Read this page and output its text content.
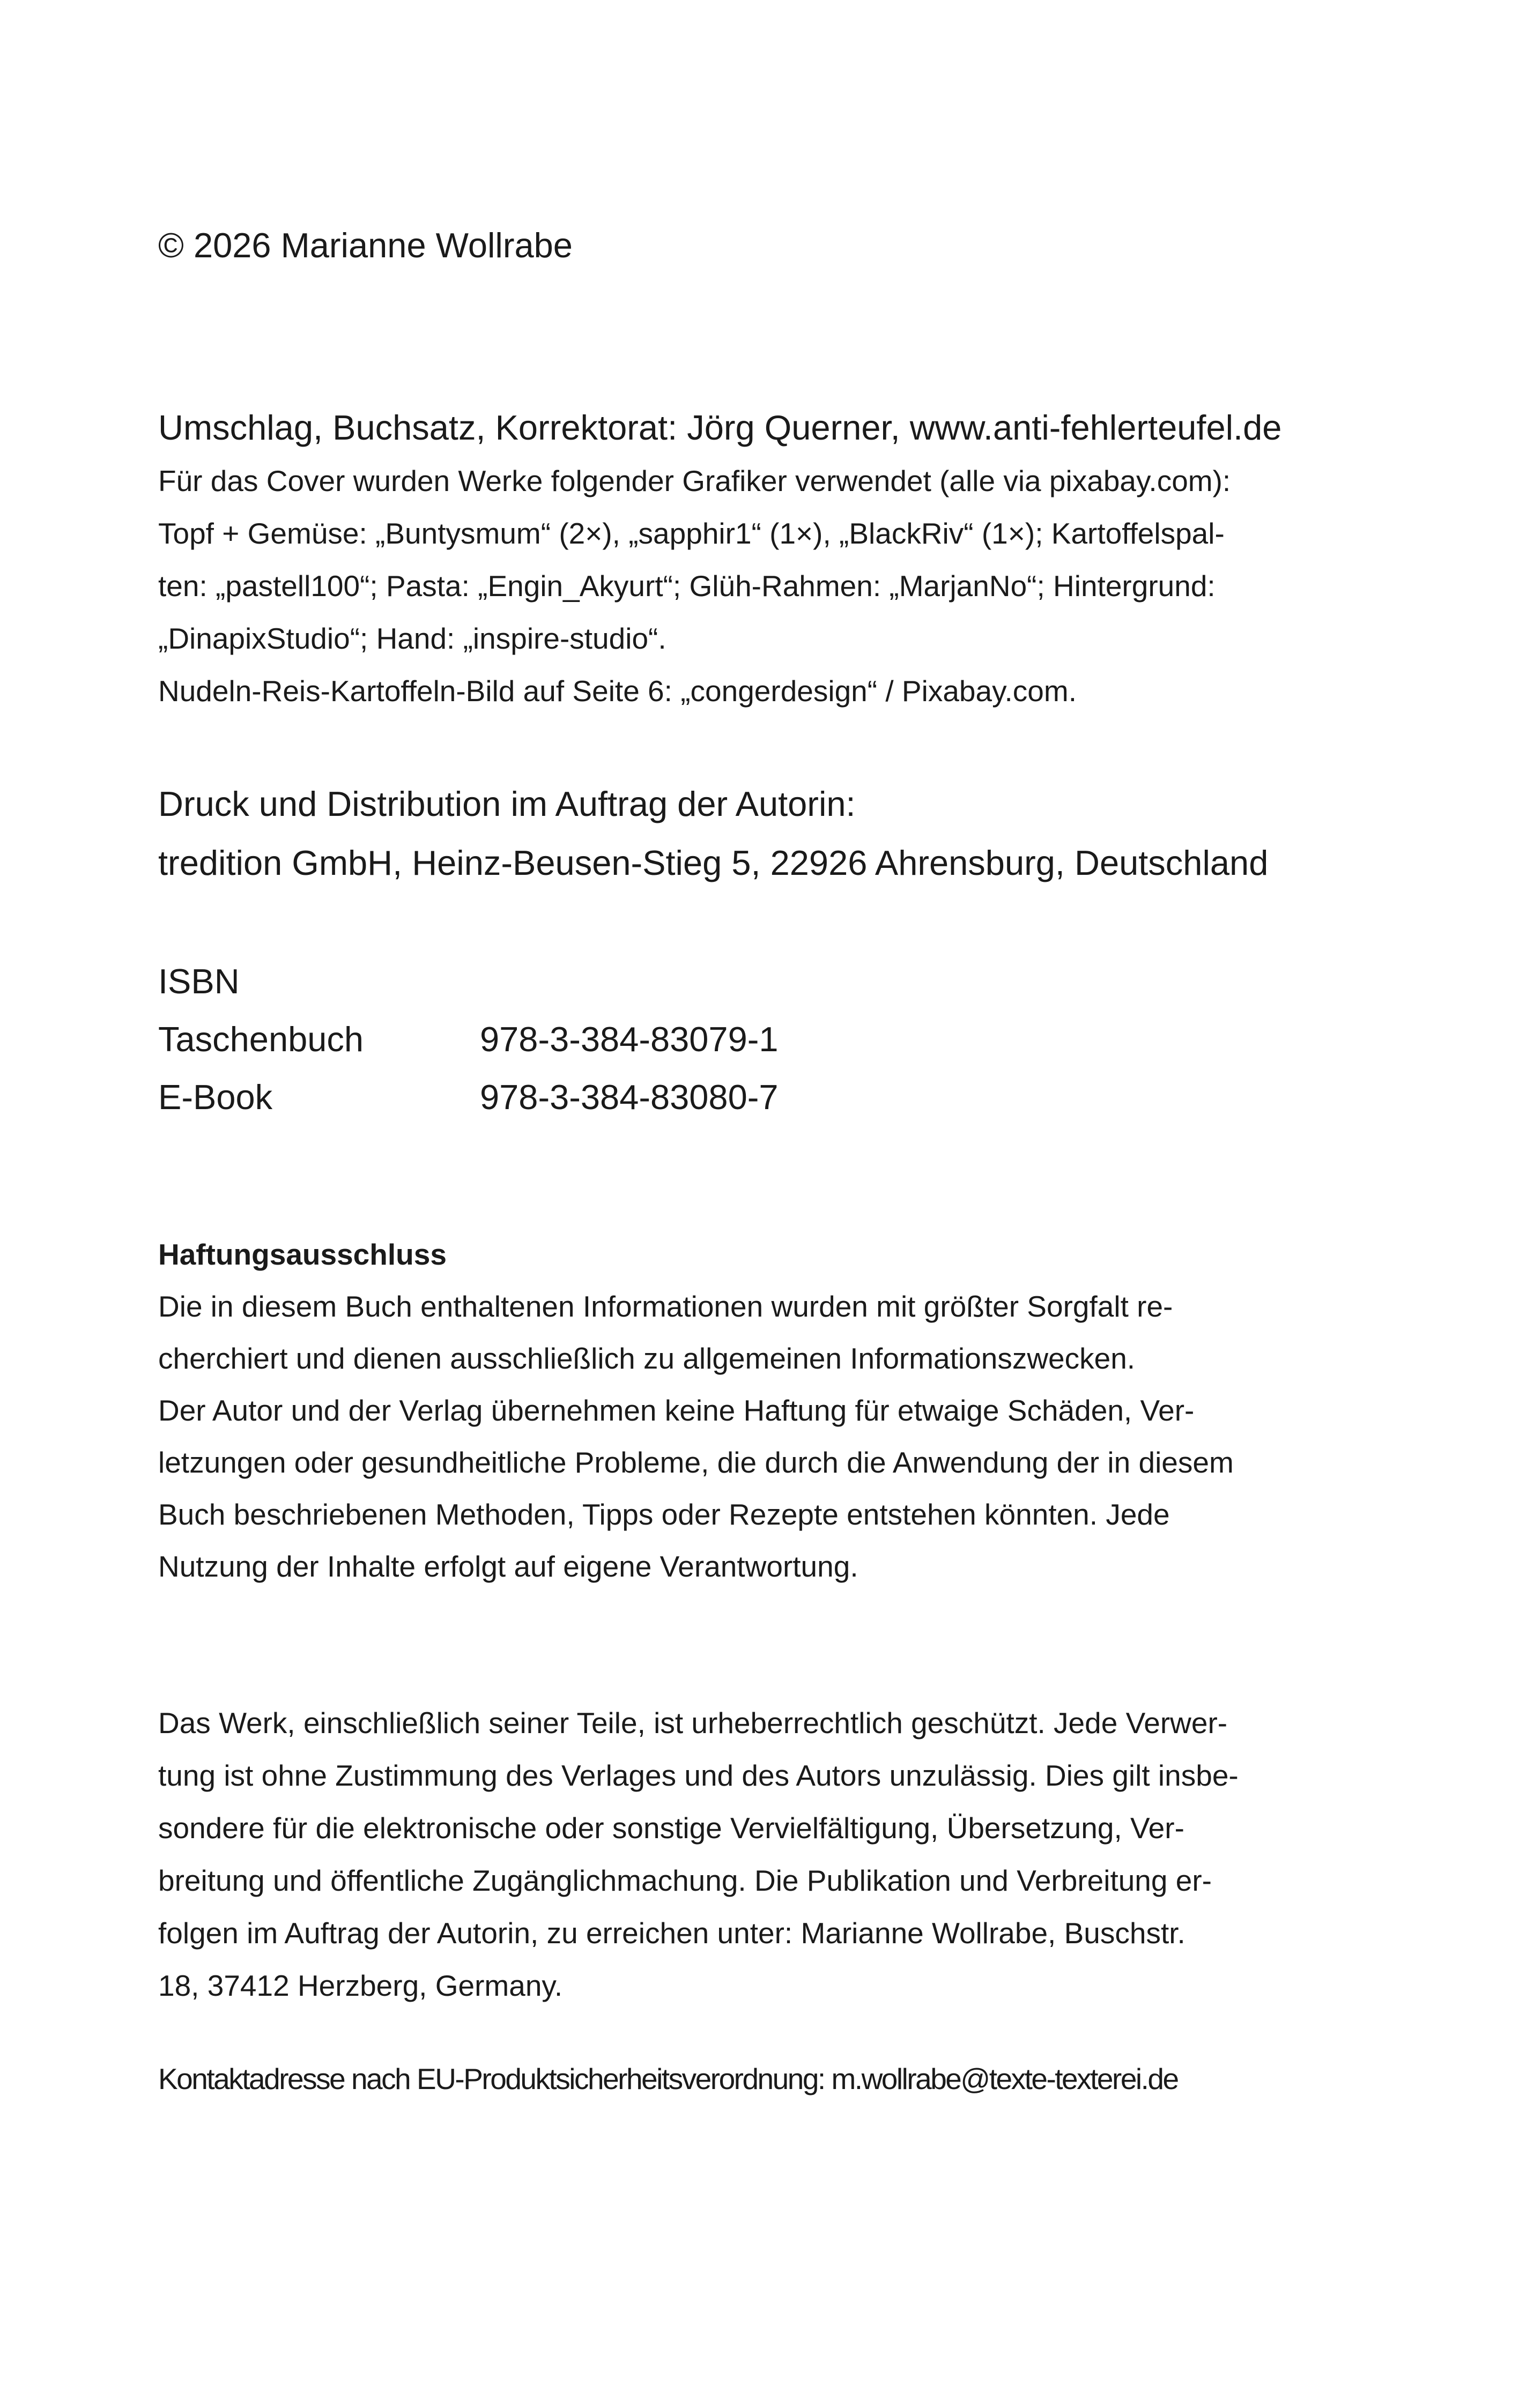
© 2026 Marianne Wollrabe

Umschlag, Buchsatz, Korrektorat: Jörg Querner, www.anti-fehlerteufel.de
Für das Cover wurden Werke folgender Grafiker verwendet (alle via pixabay.com):
Topf + Gemüse: „Buntysmum“ (2×), „sapphir1“ (1×), „BlackRiv“ (1×); Kartoffelspal-
ten: „pastell100“; Pasta: „Engin_Akyurt“; Glüh-Rahmen: „MarjanNo“; Hintergrund:
„DinapixStudio“; Hand: „inspire-studio“.
Nudeln-Reis-Kartoffeln-Bild auf Seite 6: „congerdesign“ / Pixabay.com.
Druck und Distribution im Auftrag der Autorin:
tredition GmbH, Heinz-Beusen-Stieg 5, 22926 Ahrensburg, Deutschland
ISBN
Taschenbuch	978-3-384-83079-1
E-Book	978-3-384-83080-7
Haftungsausschluss
Die in diesem Buch enthaltenen Informationen wurden mit größter Sorgfalt re-
cherchiert und dienen ausschließlich zu allgemeinen Informationszwecken.
Der Autor und der Verlag übernehmen keine Haftung für etwaige Schäden, Ver-
letzungen oder gesundheitliche Probleme, die durch die Anwendung der in diesem
Buch beschriebenen Methoden, Tipps oder Rezepte entstehen könnten. Jede
Nutzung der Inhalte erfolgt auf eigene Verantwortung.
Das Werk, einschließlich seiner Teile, ist urheberrechtlich geschützt. Jede Verwer-
tung ist ohne Zustimmung des Verlages und des Autors unzulässig. Dies gilt insbe-
sondere für die elektronische oder sonstige Vervielfältigung, Übersetzung, Ver-
breitung und öffentliche Zugänglichmachung. Die Publikation und Verbreitung er-
folgen im Auftrag der Autorin, zu erreichen unter: Marianne Wollrabe, Buschstr.
18, 37412 Herzberg, Germany.

Kontaktadresse nach EU-Produktsicherheitsverordnung: m.wollrabe@texte-texterei.de
